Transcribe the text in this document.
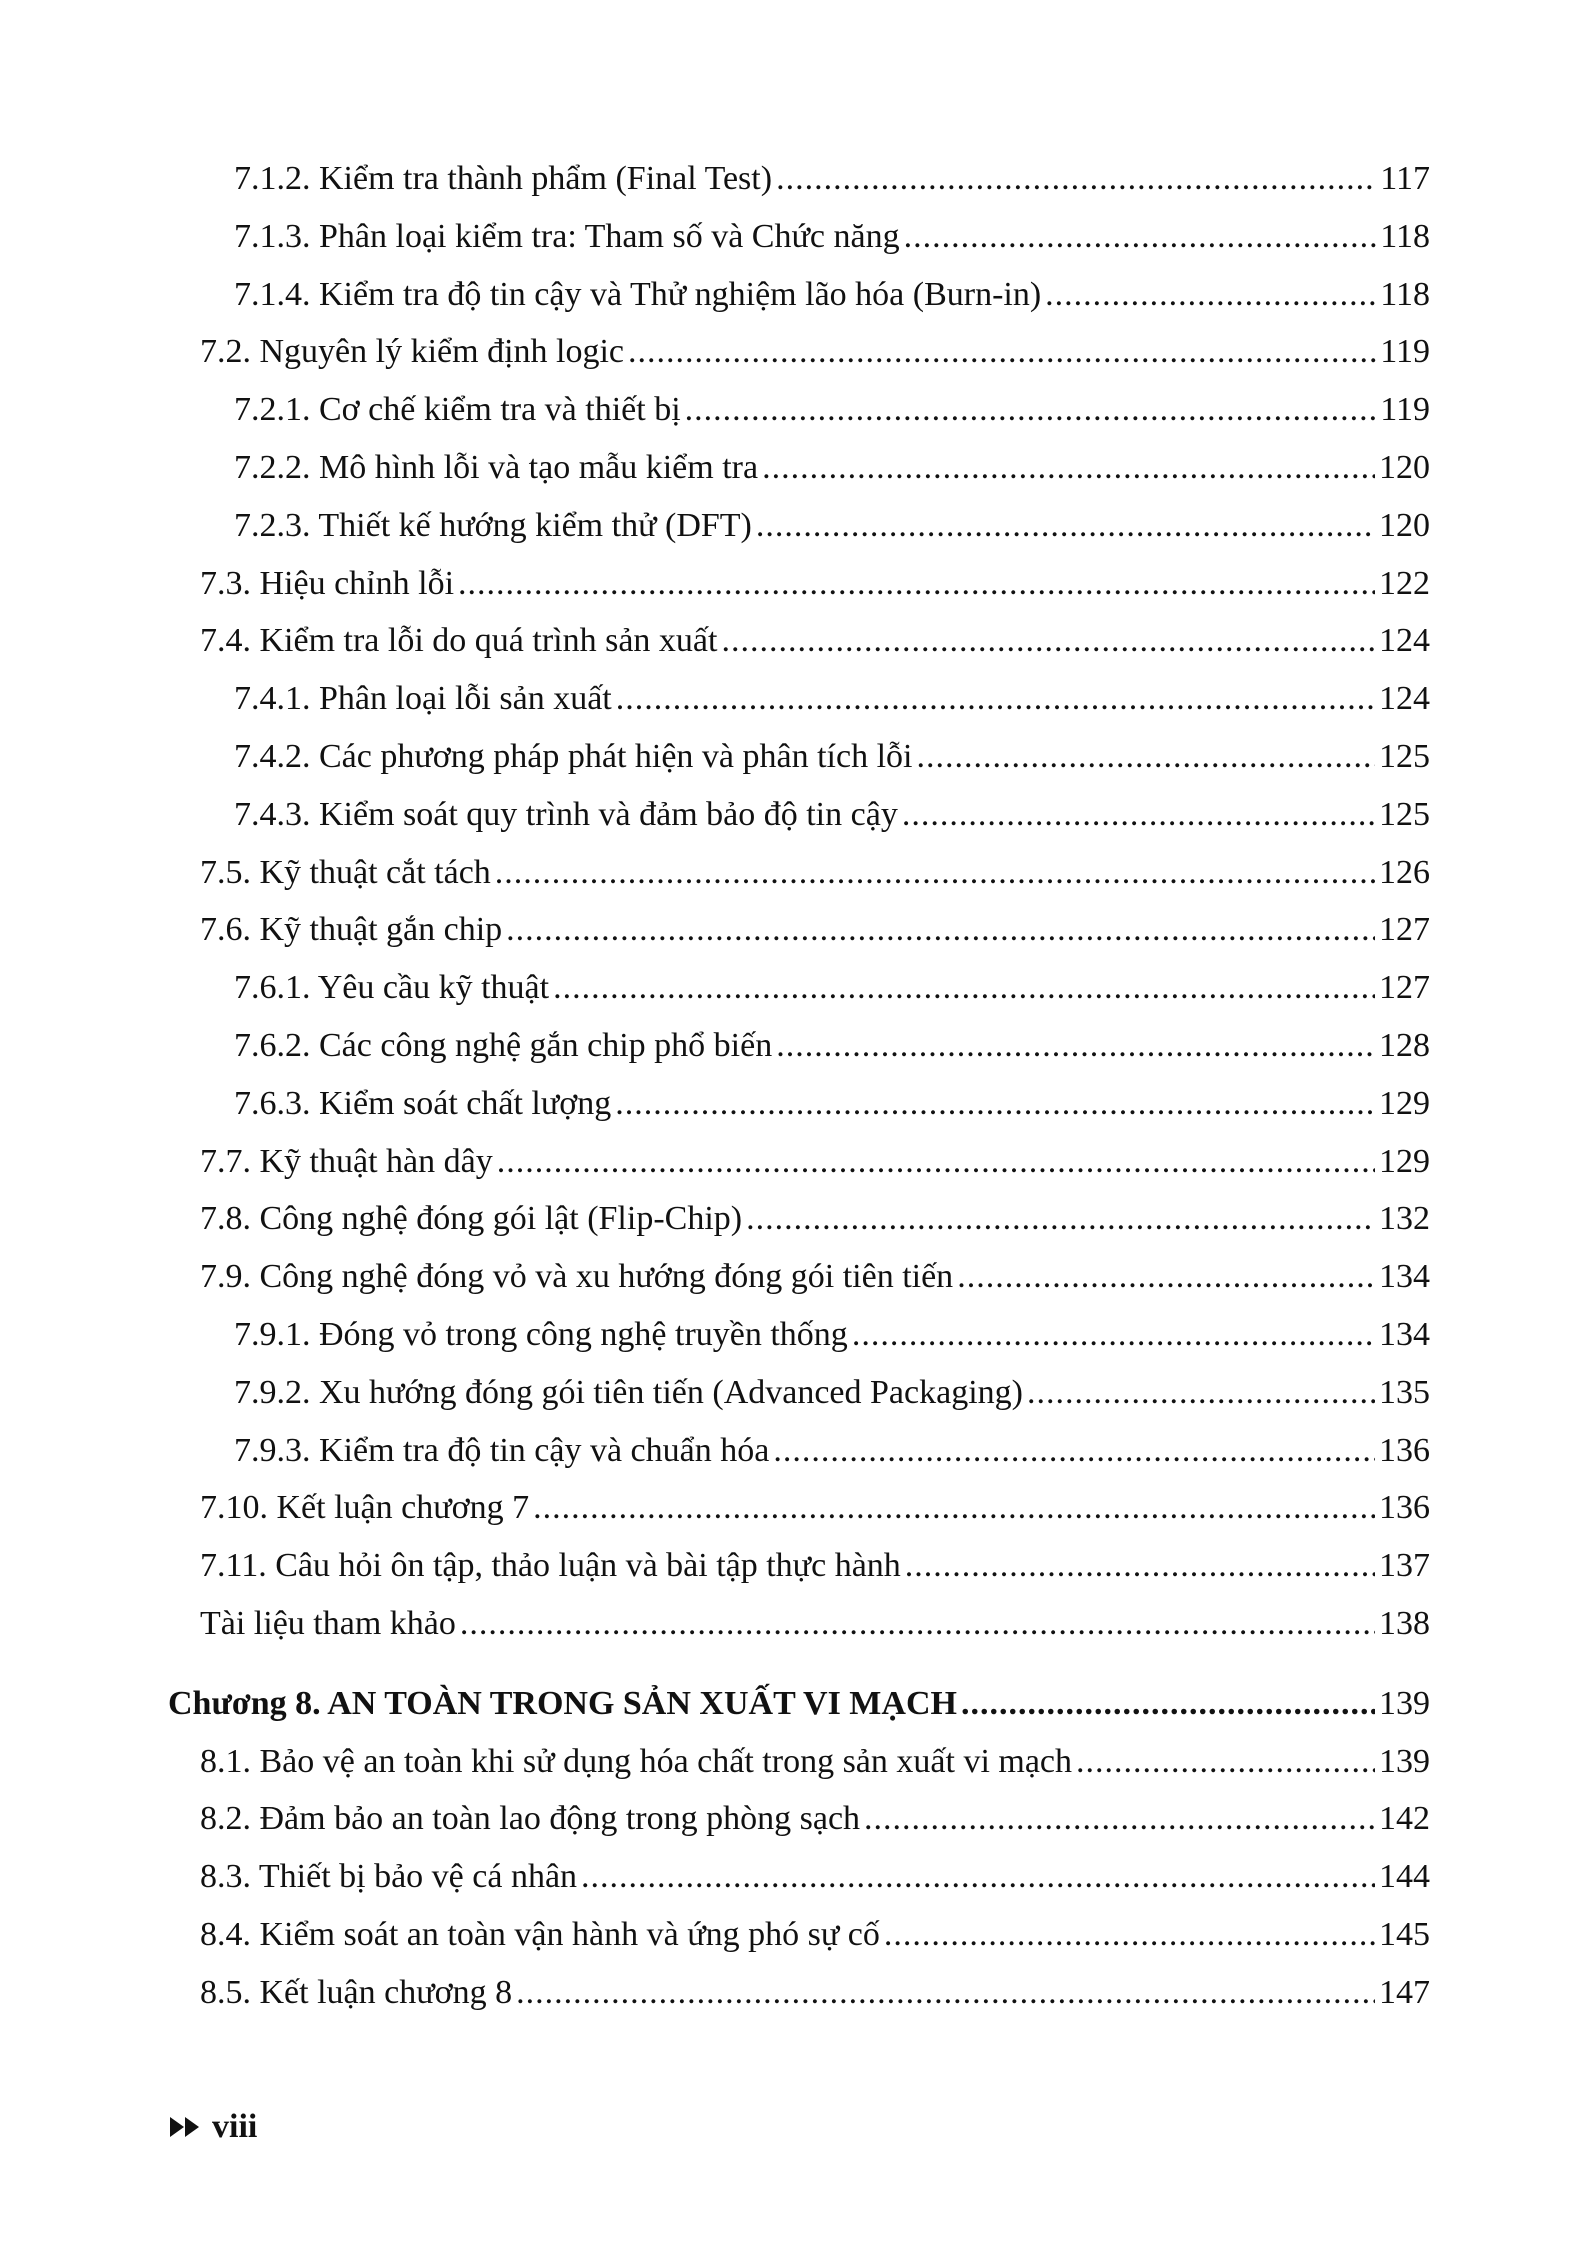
7.1.2. Kiểm tra thành phẩm (Final Test) .....	117
7.1.3. Phân loại kiểm tra: Tham số và Chức năng .....	118
7.1.4. Kiểm tra độ tin cậy và Thử nghiệm lão hóa (Burn-in) .....	118
7.2. Nguyên lý kiểm định logic .....	119
7.2.1. Cơ chế kiểm tra và thiết bị .....	119
7.2.2. Mô hình lỗi và tạo mẫu kiểm tra .....	120
7.2.3. Thiết kế hướng kiểm thử (DFT) .....	120
7.3. Hiệu chỉnh lỗi .....	122
7.4. Kiểm tra lỗi do quá trình sản xuất .....	124
7.4.1. Phân loại lỗi sản xuất .....	124
7.4.2. Các phương pháp phát hiện và phân tích lỗi .....	125
7.4.3. Kiểm soát quy trình và đảm bảo độ tin cậy .....	125
7.5. Kỹ thuật cắt tách .....	126
7.6. Kỹ thuật gắn chip .....	127
7.6.1. Yêu cầu kỹ thuật .....	127
7.6.2. Các công nghệ gắn chip phổ biến .....	128
7.6.3. Kiểm soát chất lượng .....	129
7.7. Kỹ thuật hàn dây .....	129
7.8. Công nghệ đóng gói lật (Flip-Chip) .....	132
7.9. Công nghệ đóng vỏ và xu hướng đóng gói tiên tiến .....	134
7.9.1. Đóng vỏ trong công nghệ truyền thống .....	134
7.9.2. Xu hướng đóng gói tiên tiến (Advanced Packaging) .....	135
7.9.3. Kiểm tra độ tin cậy và chuẩn hóa .....	136
7.10. Kết luận chương 7 .....	136
7.11. Câu hỏi ôn tập, thảo luận và bài tập thực hành .....	137
Tài liệu tham khảo .....	138
Chương 8. AN TOÀN TRONG SẢN XUẤT VI MẠCH .....	139
8.1. Bảo vệ an toàn khi sử dụng hóa chất trong sản xuất vi mạch .....	139
8.2. Đảm bảo an toàn lao động trong phòng sạch .....	142
8.3. Thiết bị bảo vệ cá nhân .....	144
8.4. Kiểm soát an toàn vận hành và ứng phó sự cố .....	145
8.5. Kết luận chương 8 .....	147
viii
